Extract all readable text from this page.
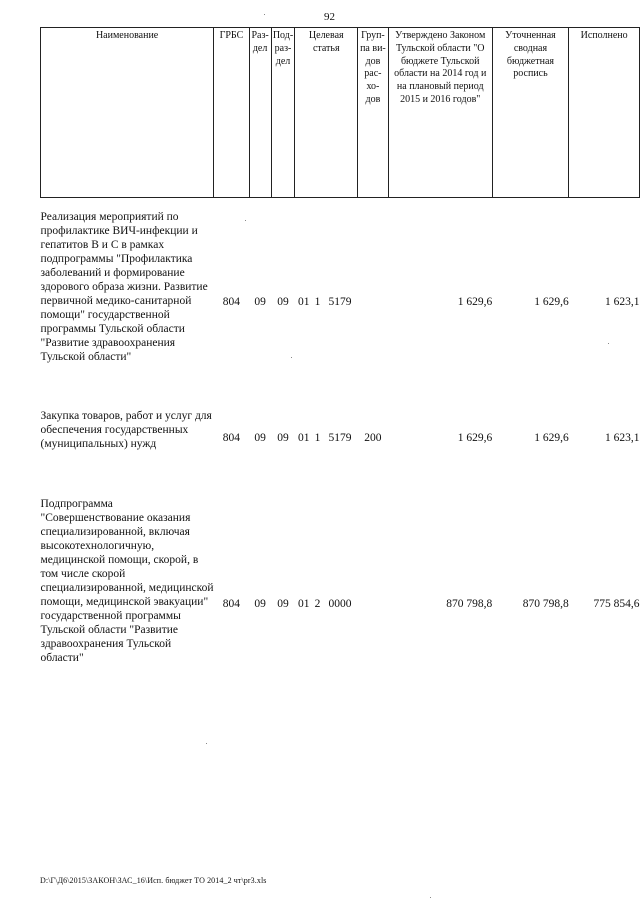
92
Наименование	ГРБС	Раз-дел	Под-раз-дел	Целевая статья			Груп-па ви-дов рас-хо-дов	Утверждено Законом Тульской области "О бюджете Тульской области на 2014 год и на плановый период 2015 и 2016 годов"	Уточненная сводная бюджетная роспись	Исполнено

Реализация мероприятий по профилактике ВИЧ-инфекции и гепатитов B и C в рамках подпрограммы "Профилактика заболеваний и формирование здорового образа жизни. Развитие первичной медико-санитарной помощи" государственной программы Тульской области "Развитие здравоохранения Тульской области"	804	09	09	01	1	5179		1 629,6	1 629,6	1 623,1

Закупка товаров, работ и услуг для обеспечения государственных (муниципальных) нужд	804	09	09	01	1	5179	200	1 629,6	1 629,6	1 623,1

Подпрограмма "Совершенствование оказания специализированной, включая высокотехнологичную, медицинской помощи, скорой, в том числе скорой специализированной, медицинской помощи, медицинской эвакуации" государственной программы Тульской области "Развитие здравоохранения Тульской области"	804	09	09	01	2	0000		870 798,8	870 798,8	775 854,6
D:\Г\Д6\2015\ЗАКОН\ЗАС_16\Исп. бюджет ТО 2014_2 чт\pr3.xls
